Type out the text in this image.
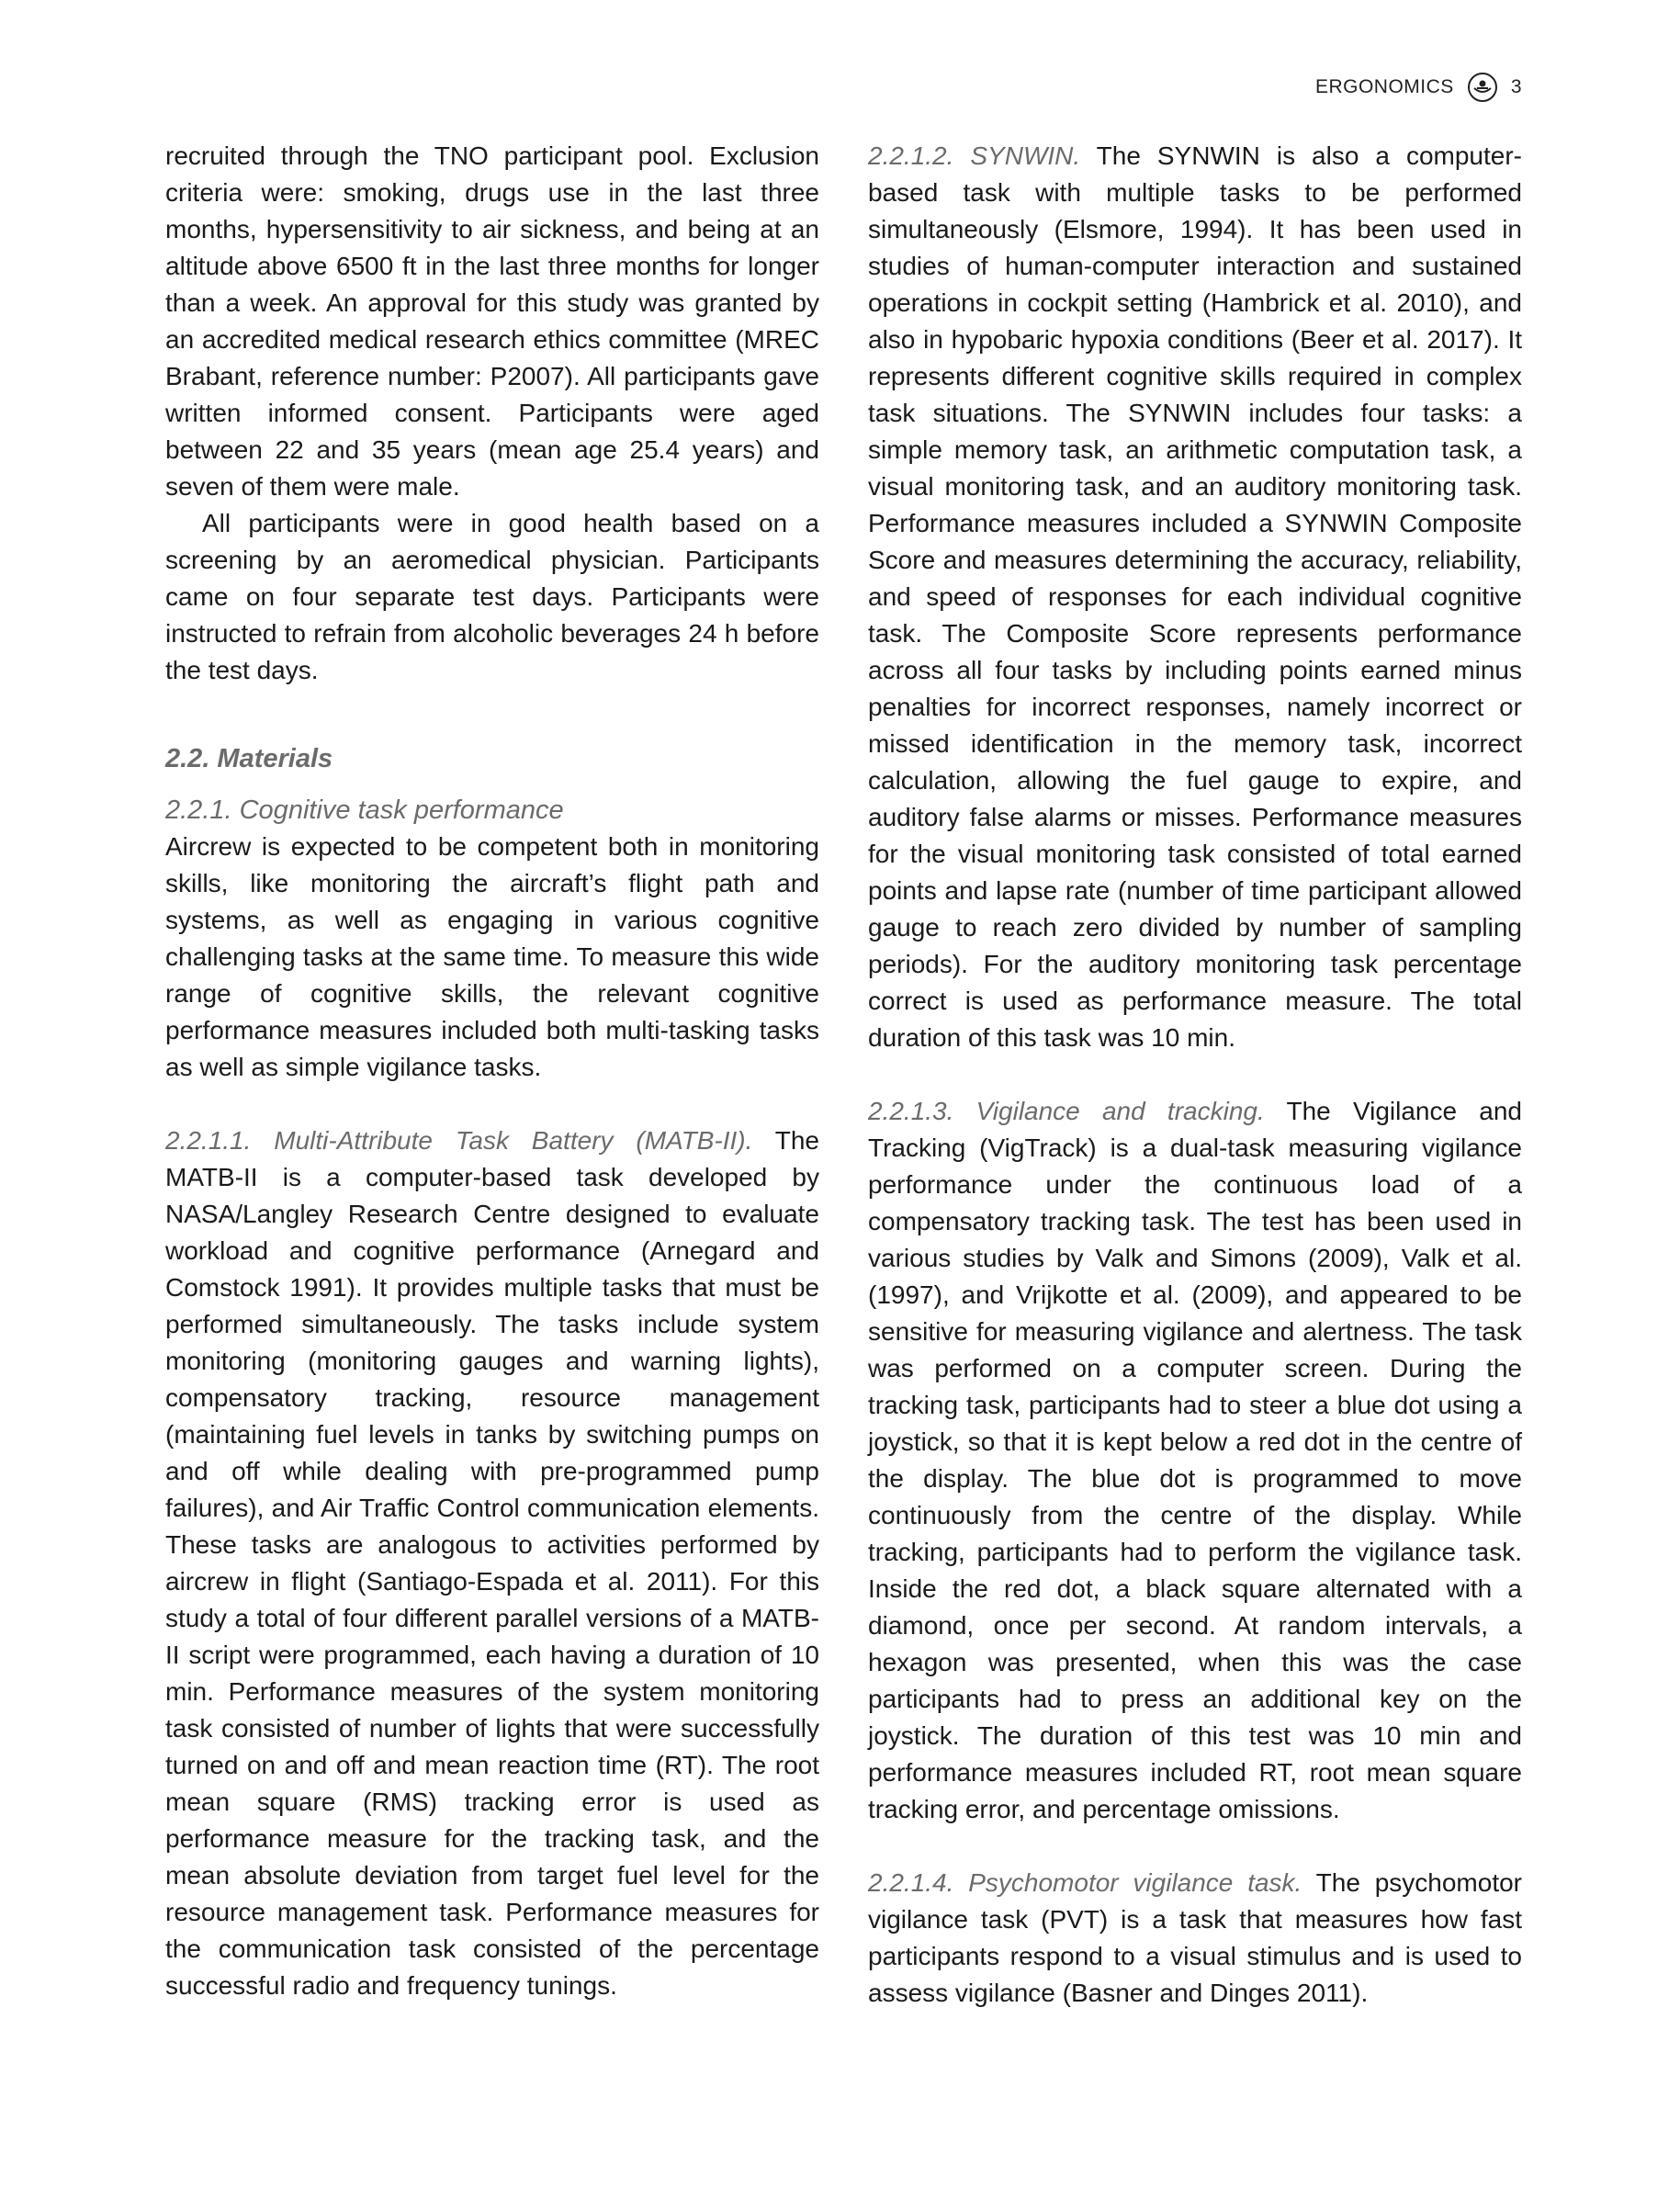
ERGONOMICS	3

recruited through the TNO participant pool. Exclusion criteria were: smoking, drugs use in the last three months, hypersensitivity to air sickness, and being at an altitude above 6500 ft in the last three months for longer than a week. An approval for this study was granted by an accredited medical research ethics committee (MREC Brabant, reference number: P2007). All participants gave written informed consent. Participants were aged between 22 and 35 years (mean age 25.4 years) and seven of them were male.

All participants were in good health based on a screening by an aeromedical physician. Participants came on four separate test days. Participants were instructed to refrain from alcoholic beverages 24 h before the test days.

2.2. Materials

2.2.1. Cognitive task performance

Aircrew is expected to be competent both in monitoring skills, like monitoring the aircraft’s flight path and systems, as well as engaging in various cognitive challenging tasks at the same time. To measure this wide range of cognitive skills, the relevant cognitive performance measures included both multi-tasking tasks as well as simple vigilance tasks.

2.2.1.1. Multi-Attribute Task Battery (MATB-II). The MATB-II is a computer-based task developed by NASA/Langley Research Centre designed to evaluate workload and cognitive performance (Arnegard and Comstock 1991). It provides multiple tasks that must be performed simultaneously. The tasks include system monitoring (monitoring gauges and warning lights), compensatory tracking, resource management (maintaining fuel levels in tanks by switching pumps on and off while dealing with pre-programmed pump failures), and Air Traffic Control communication elements. These tasks are analogous to activities performed by aircrew in flight (Santiago-Espada et al. 2011). For this study a total of four different parallel versions of a MATB-II script were programmed, each having a duration of 10 min. Performance measures of the system monitoring task consisted of number of lights that were successfully turned on and off and mean reaction time (RT). The root mean square (RMS) tracking error is used as performance measure for the tracking task, and the mean absolute deviation from target fuel level for the resource management task. Performance measures for the communication task consisted of the percentage successful radio and frequency tunings.

2.2.1.2. SYNWIN. The SYNWIN is also a computer-based task with multiple tasks to be performed simultaneously (Elsmore, 1994). It has been used in studies of human-computer interaction and sustained operations in cockpit setting (Hambrick et al. 2010), and also in hypobaric hypoxia conditions (Beer et al. 2017). It represents different cognitive skills required in complex task situations. The SYNWIN includes four tasks: a simple memory task, an arithmetic computation task, a visual monitoring task, and an auditory monitoring task. Performance measures included a SYNWIN Composite Score and measures determining the accuracy, reliability, and speed of responses for each individual cognitive task. The Composite Score represents performance across all four tasks by including points earned minus penalties for incorrect responses, namely incorrect or missed identification in the memory task, incorrect calculation, allowing the fuel gauge to expire, and auditory false alarms or misses. Performance measures for the visual monitoring task consisted of total earned points and lapse rate (number of time participant allowed gauge to reach zero divided by number of sampling periods). For the auditory monitoring task percentage correct is used as performance measure. The total duration of this task was 10 min.

2.2.1.3. Vigilance and tracking. The Vigilance and Tracking (VigTrack) is a dual-task measuring vigilance performance under the continuous load of a compensatory tracking task. The test has been used in various studies by Valk and Simons (2009), Valk et al. (1997), and Vrijkotte et al. (2009), and appeared to be sensitive for measuring vigilance and alertness. The task was performed on a computer screen. During the tracking task, participants had to steer a blue dot using a joystick, so that it is kept below a red dot in the centre of the display. The blue dot is programmed to move continuously from the centre of the display. While tracking, participants had to perform the vigilance task. Inside the red dot, a black square alternated with a diamond, once per second. At random intervals, a hexagon was presented, when this was the case participants had to press an additional key on the joystick. The duration of this test was 10 min and performance measures included RT, root mean square tracking error, and percentage omissions.

2.2.1.4. Psychomotor vigilance task. The psychomotor vigilance task (PVT) is a task that measures how fast participants respond to a visual stimulus and is used to assess vigilance (Basner and Dinges 2011).
